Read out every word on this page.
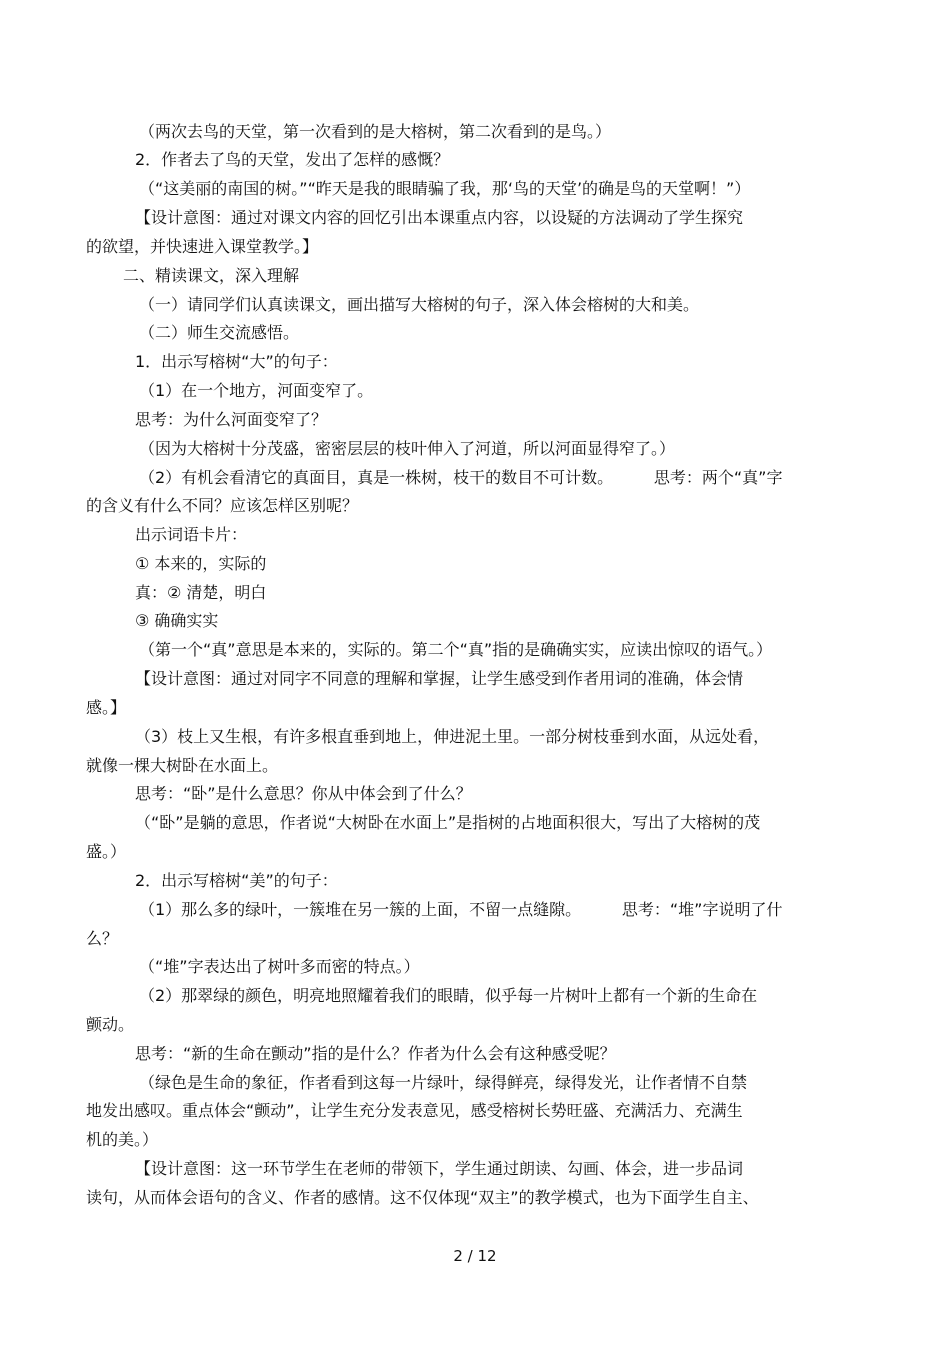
（两次去鸟的天堂，第一次看到的是大榕树，第二次看到的是鸟。）

2．作者去了鸟的天堂，发出了怎样的感慨？

（“这美丽的南国的树。”“昨天是我的眼睛骗了我，那‘鸟的天堂’的确是鸟的天堂啊！”）

【设计意图：通过对课文内容的回忆引出本课重点内容，以设疑的方法调动了学生探究

的欲望，并快速进入课堂教学。】

二、精读课文，深入理解

（一）请同学们认真读课文，画出描写大榕树的句子，深入体会榕树的大和美。

（二）师生交流感悟。

1．出示写榕树“大”的句子：

（1）在一个地方，河面变窄了。

思考：为什么河面变窄了？

（因为大榕树十分茂盛，密密层层的枝叶伸入了河道，所以河面显得窄了。）

（2）有机会看清它的真面目，真是一株树，枝干的数目不可计数。        思考：两个“真”字

的含义有什么不同？应该怎样区别呢？

出示词语卡片：

① 本来的，实际的

真：② 清楚，明白

③ 确确实实

（第一个“真”意思是本来的，实际的。第二个“真”指的是确确实实，应读出惊叹的语气。）

【设计意图：通过对同字不同意的理解和掌握，让学生感受到作者用词的准确，体会情

感。】

（3）枝上又生根，有许多根直垂到地上，伸进泥土里。一部分树枝垂到水面，从远处看，

就像一棵大树卧在水面上。

思考：“卧”是什么意思？你从中体会到了什么？

（“卧”是躺的意思，作者说“大树卧在水面上”是指树的占地面积很大，写出了大榕树的茂

盛。）

2．出示写榕树“美”的句子：

（1）那么多的绿叶，一簇堆在另一簇的上面，不留一点缝隙。        思考：“堆”字说明了什

么？

（“堆”字表达出了树叶多而密的特点。）

（2）那翠绿的颜色，明亮地照耀着我们的眼睛，似乎每一片树叶上都有一个新的生命在

颤动。

思考：“新的生命在颤动”指的是什么？作者为什么会有这种感受呢？

（绿色是生命的象征，作者看到这每一片绿叶，绿得鲜亮，绿得发光，让作者情不自禁

地发出感叹。重点体会“颤动”，让学生充分发表意见，感受榕树长势旺盛、充满活力、充满生

机的美。）

【设计意图：这一环节学生在老师的带领下，学生通过朗读、勾画、体会，进一步品词

读句，从而体会语句的含义、作者的感情。这不仅体现“双主”的教学模式，也为下面学生自主、

2 / 12
